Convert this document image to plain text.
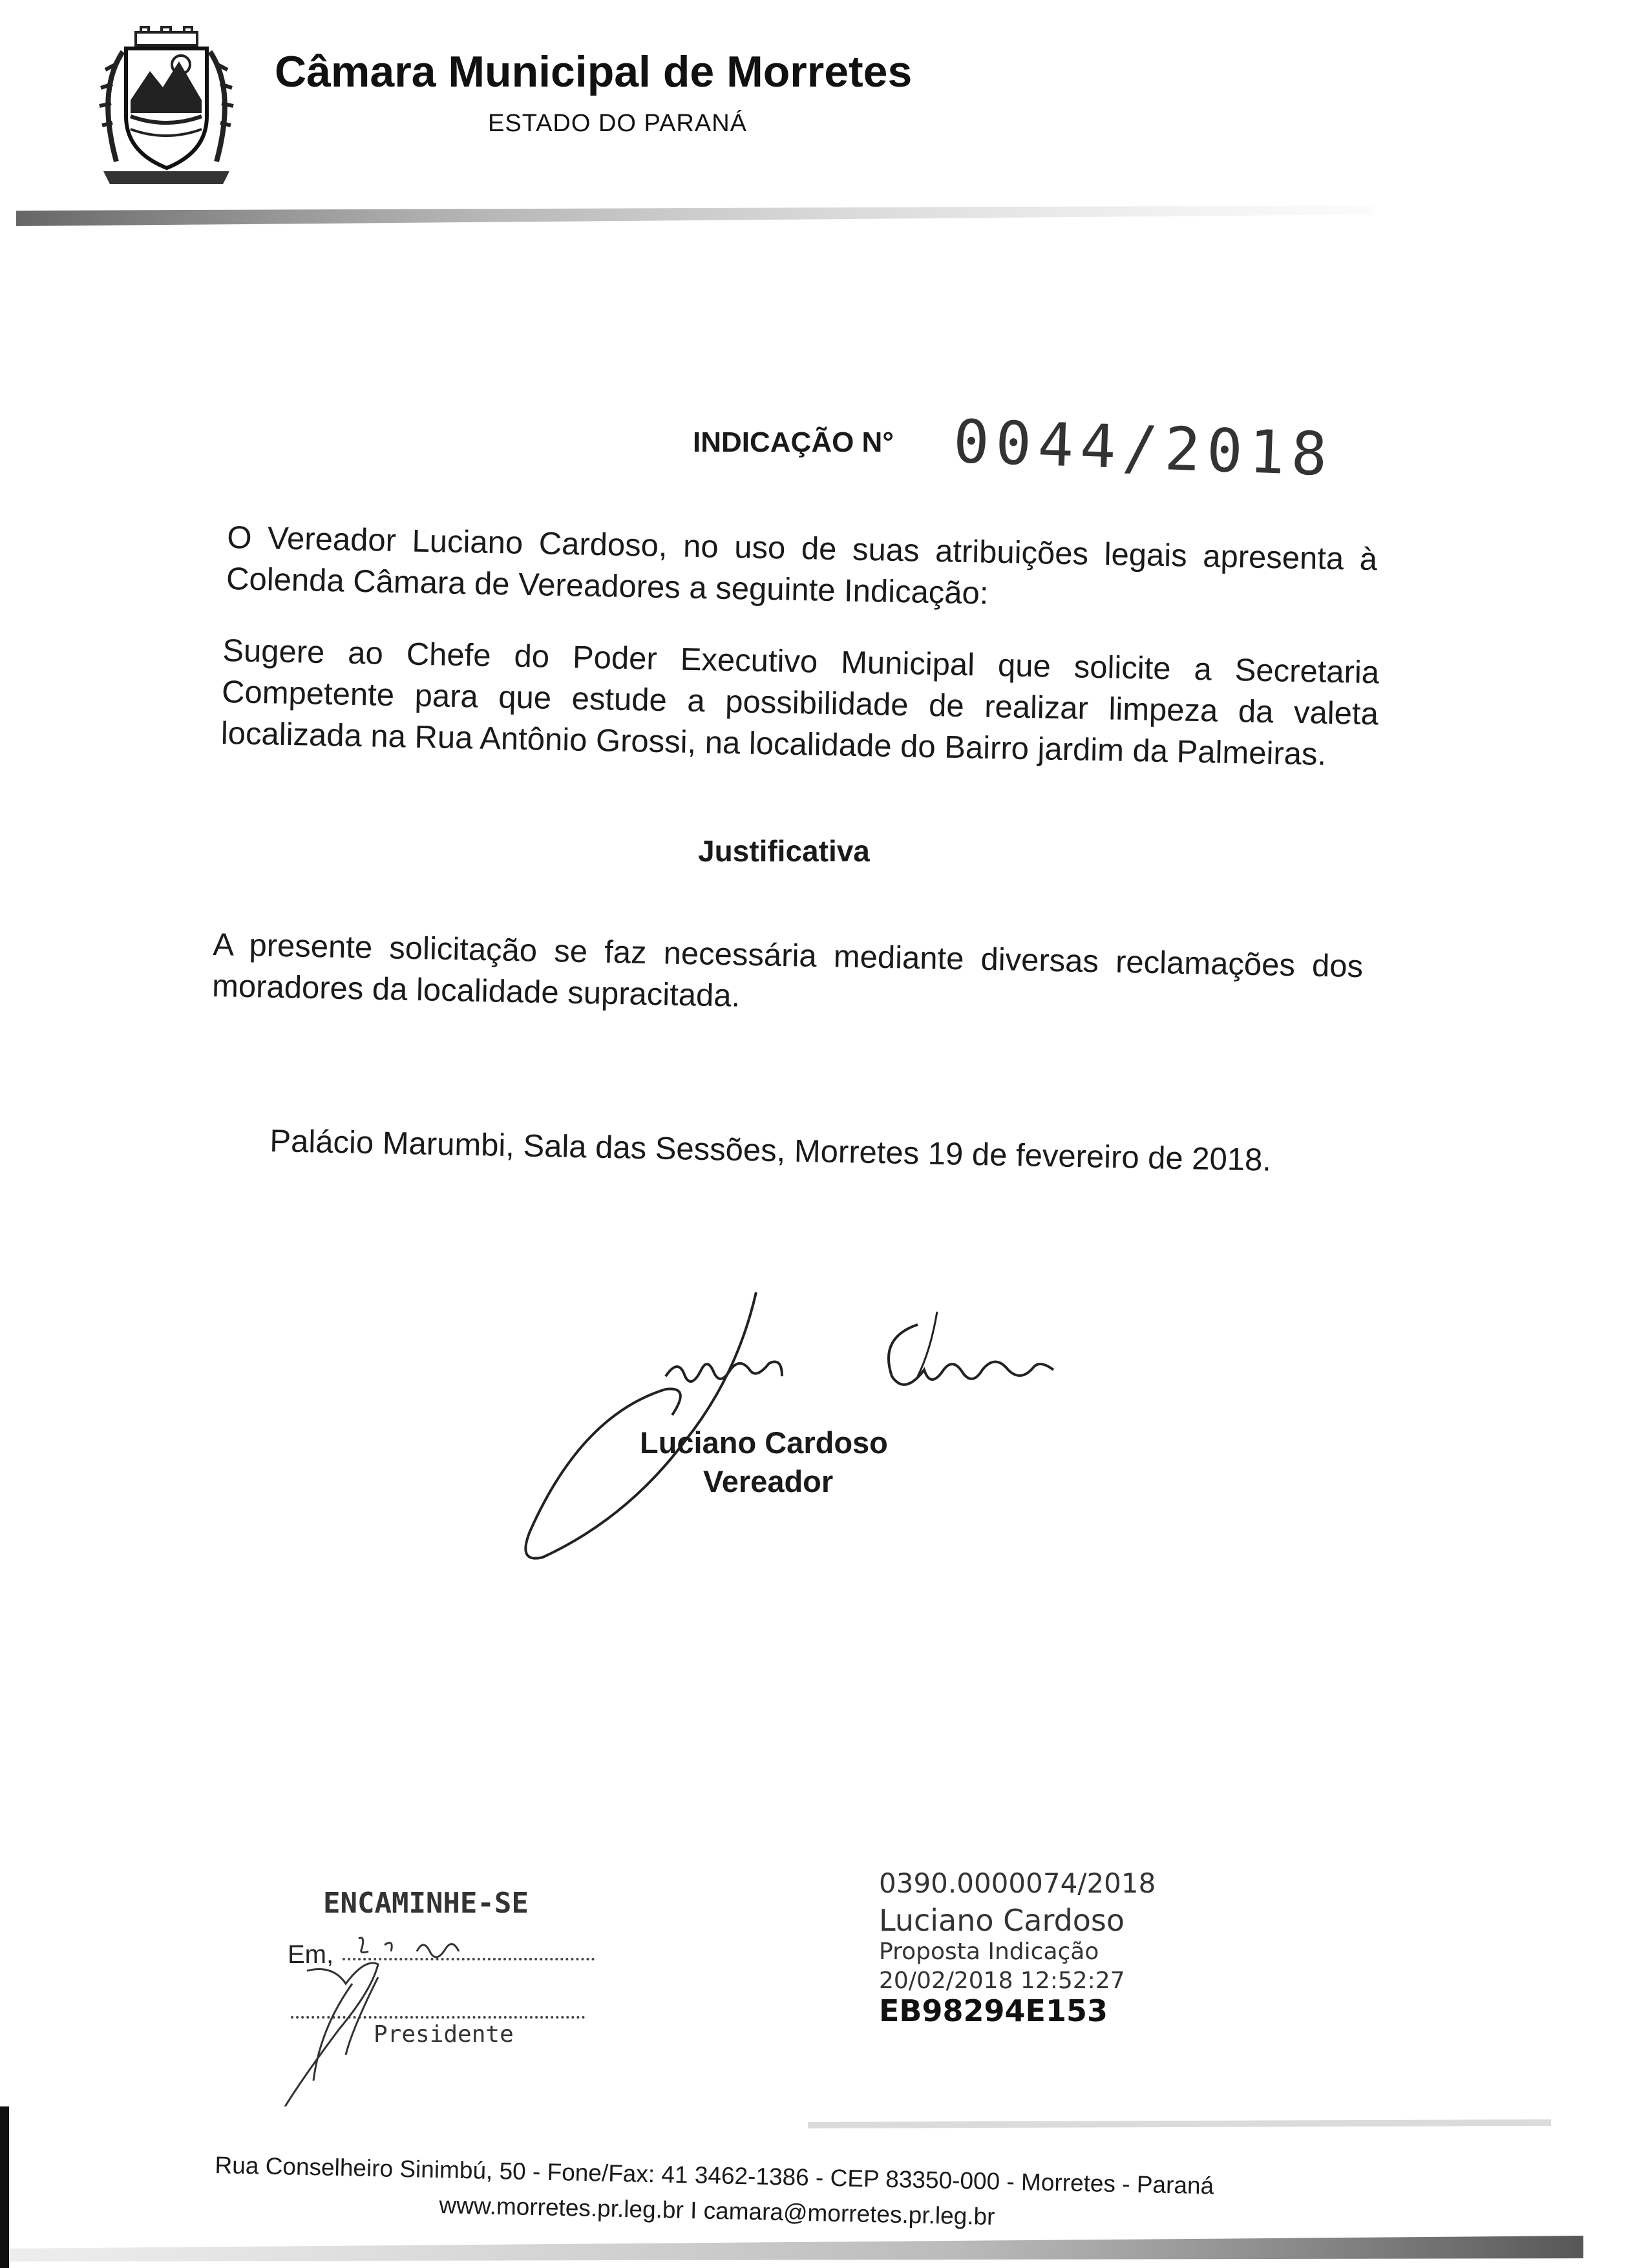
Câmara Municipal de Morretes
ESTADO DO PARANÁ
INDICAÇÃO N° 0044/2018
O Vereador Luciano Cardoso, no uso de suas atribuições legais apresenta à Colenda Câmara de Vereadores a seguinte Indicação:
Sugere ao Chefe do Poder Executivo Municipal que solicite a Secretaria Competente para que estude a possibilidade de realizar limpeza da valeta localizada na Rua Antônio Grossi, na localidade do Bairro jardim da Palmeiras.
Justificativa
A presente solicitação se faz necessária mediante diversas reclamações dos moradores da localidade supracitada.
Palácio Marumbi, Sala das Sessões, Morretes 19 de fevereiro de 2018.
Luciano Cardoso
Vereador
ENCAMINHE-SE
Em,
Presidente
0390.0000074/2018
Luciano Cardoso
Proposta Indicação
20/02/2018 12:52:27
EB98294E153
Rua Conselheiro Sinimbú, 50 - Fone/Fax: 41 3462-1386 - CEP 83350-000 - Morretes - Paraná
www.morretes.pr.leg.br I camara@morretes.pr.leg.br
